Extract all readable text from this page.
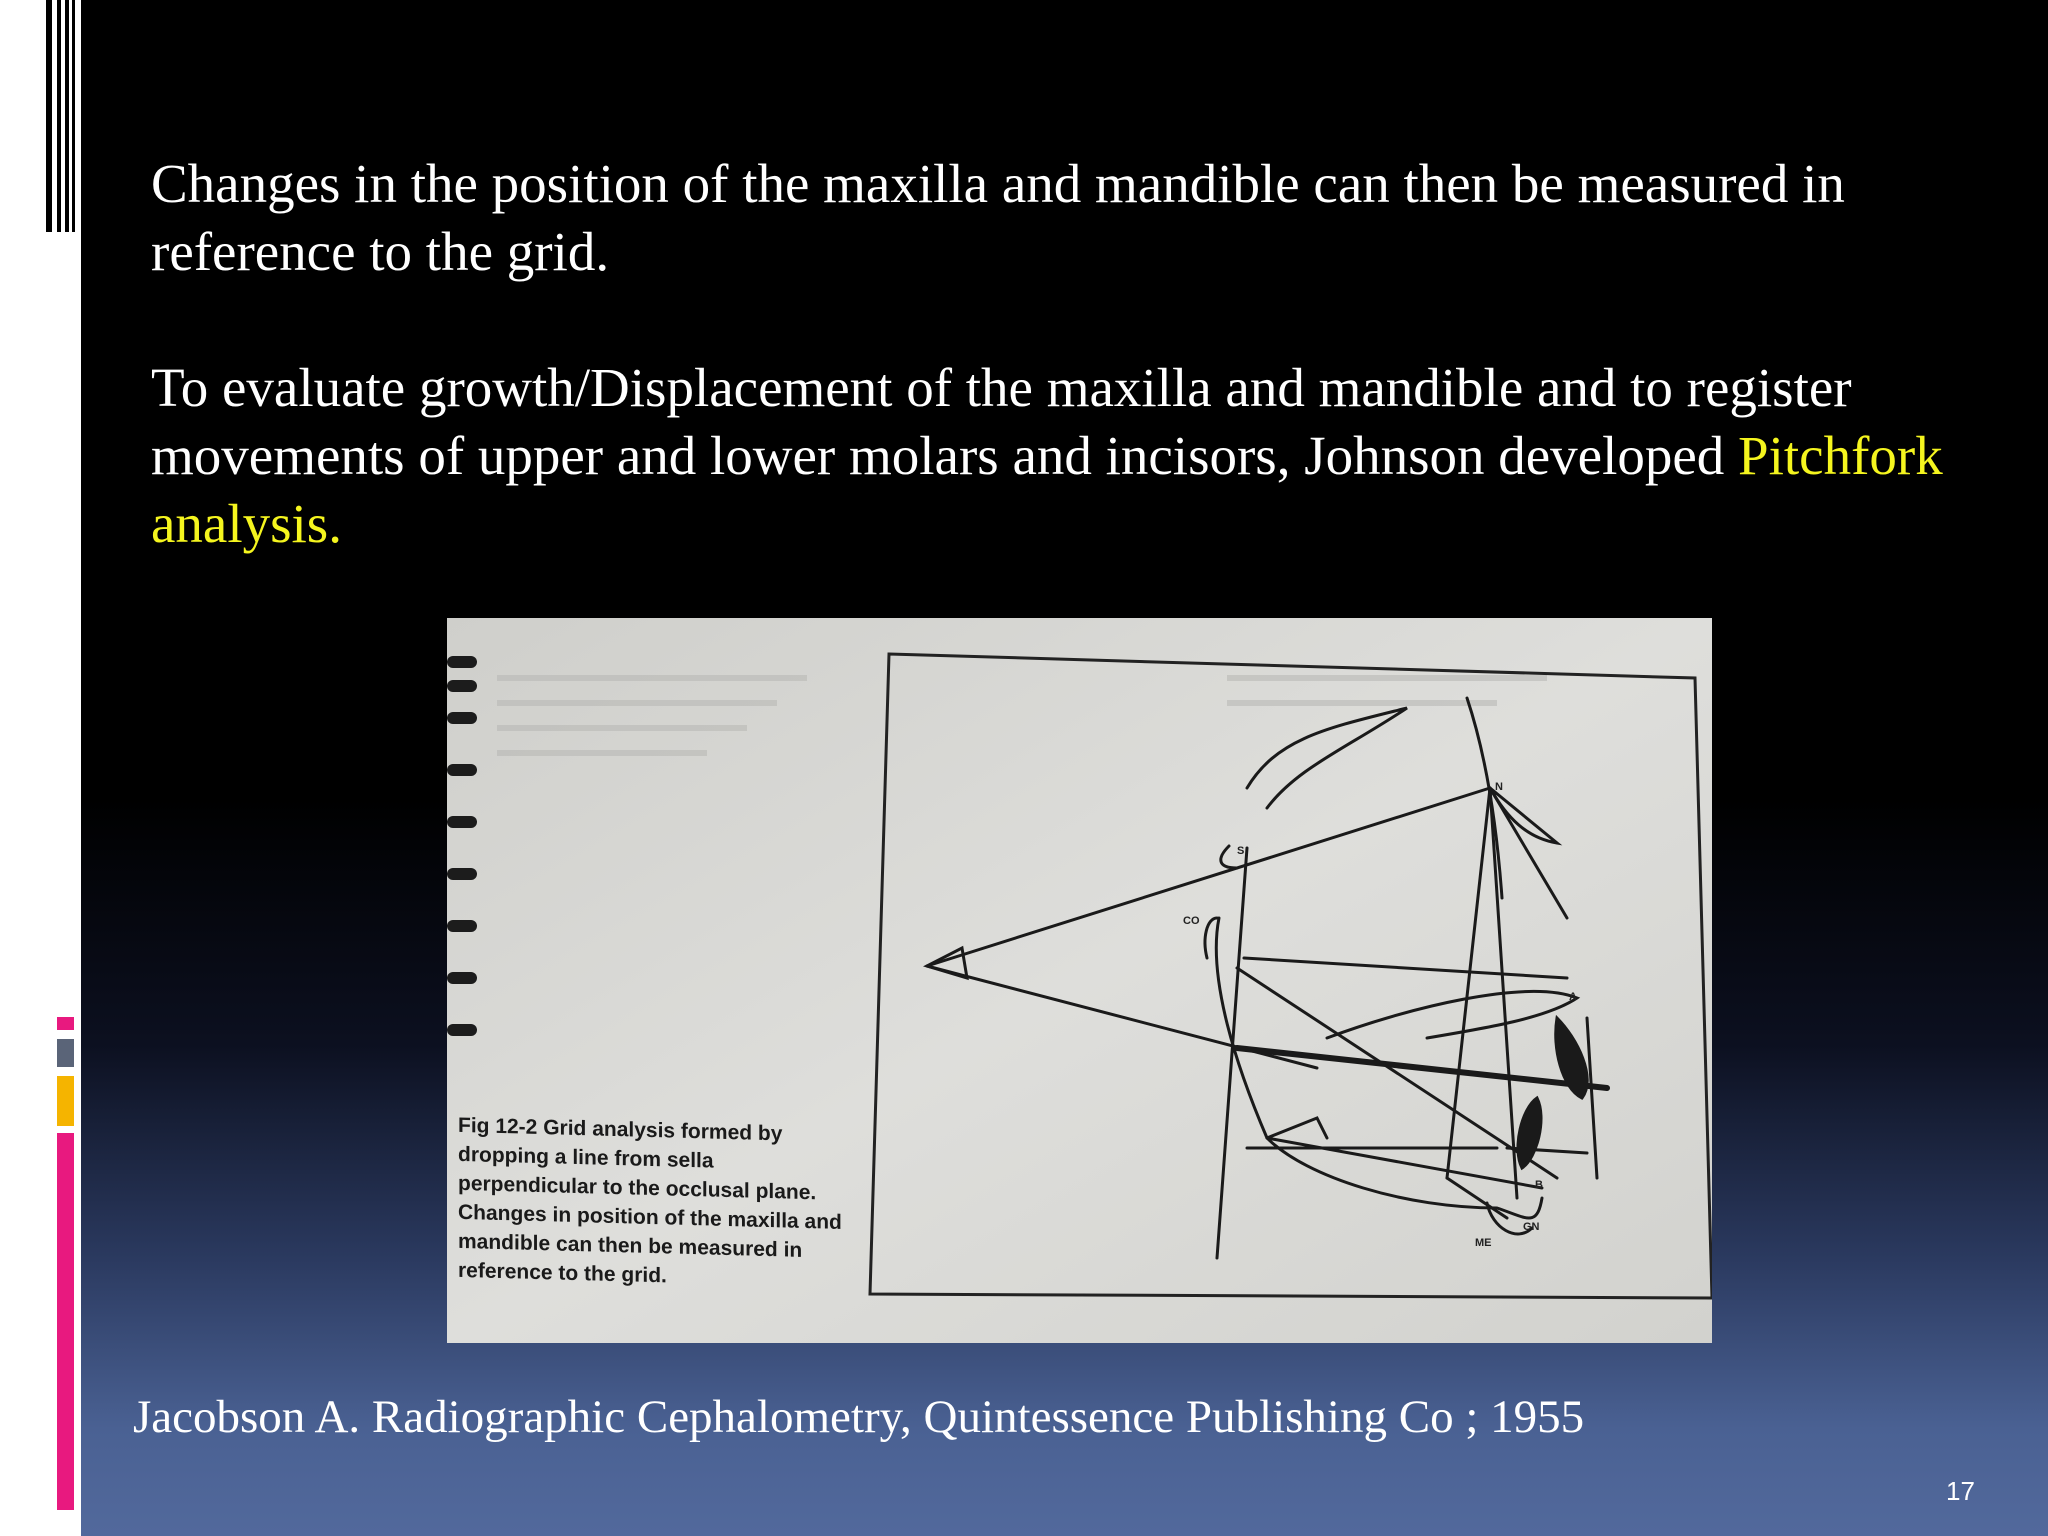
Changes in the position of the maxilla and mandible can then be measured in reference to the grid.

To evaluate growth/Displacement of the maxilla and mandible and to register movements of upper and lower molars and incisors, Johnson developed Pitchfork analysis.

S
N
CO
A
B
ME
GN
Fig 12-2 Grid analysis formed by dropping a line from sella perpendicular to the occlusal plane. Changes in position of the maxilla and mandible can then be measured in reference to the grid.
Jacobson A. Radiographic Cephalometry, Quintessence Publishing Co ; 1955
17
